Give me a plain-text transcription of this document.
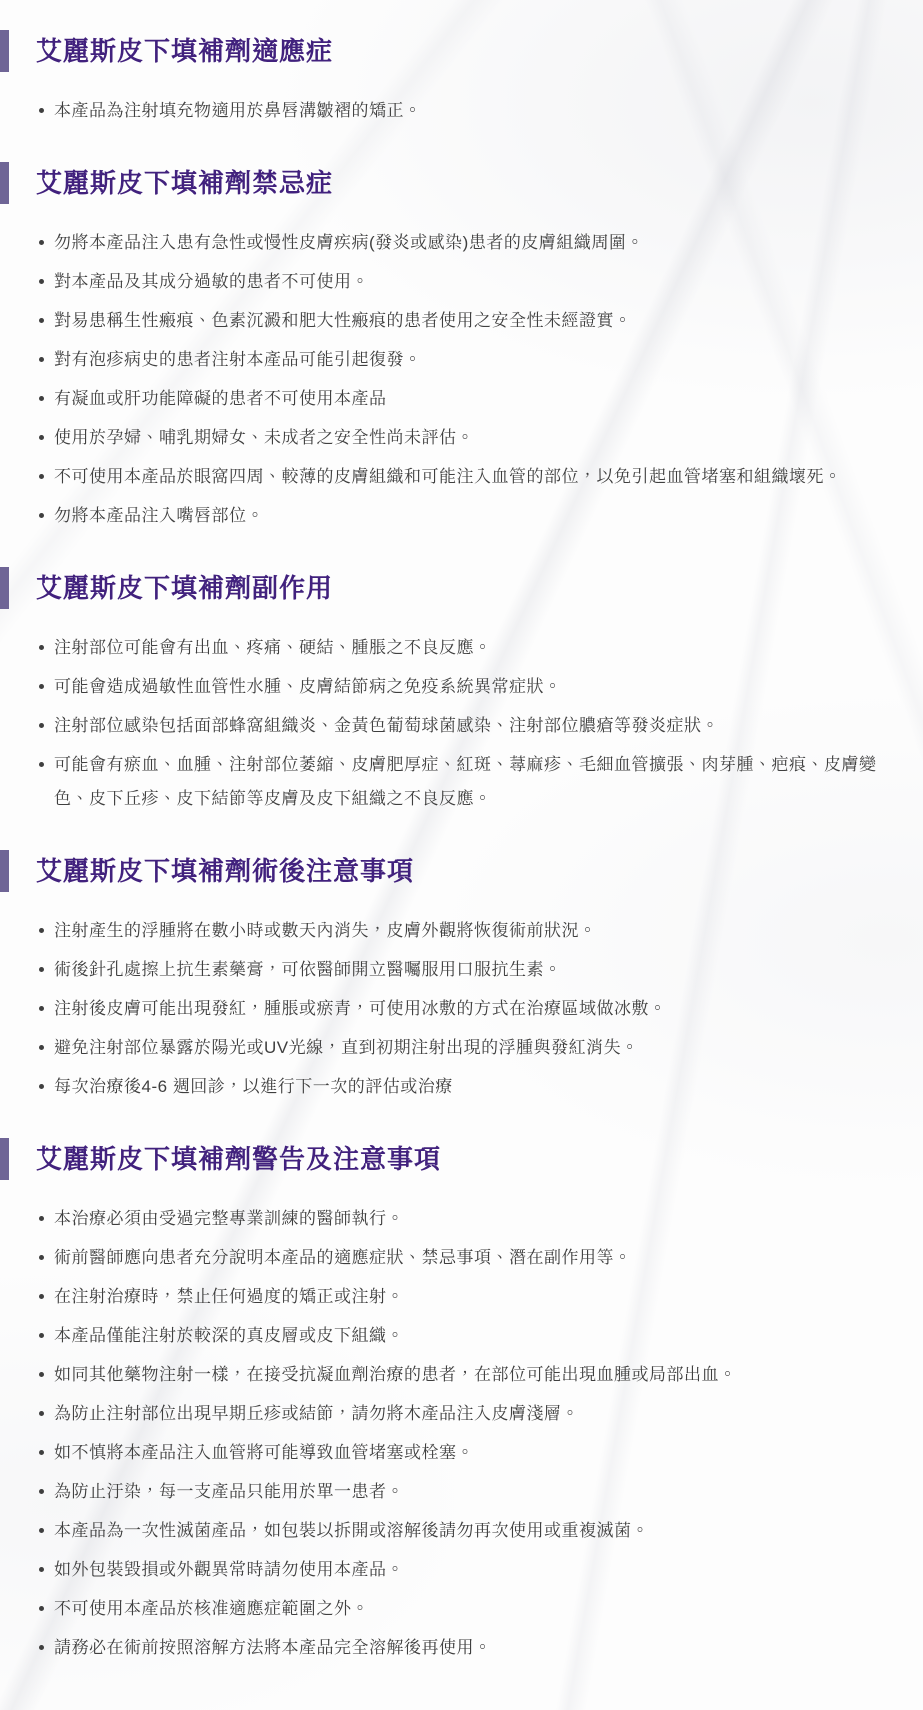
艾麗斯皮下填補劑適應症
本產品為注射填充物適用於鼻唇溝皺褶的矯正。
艾麗斯皮下填補劑禁忌症
勿將本產品注入患有急性或慢性皮膚疾病(發炎或感染)患者的皮膚組織周圍。
對本產品及其成分過敏的患者不可使用。
對易患稱生性瘢痕、色素沉澱和肥大性瘢痕的患者使用之安全性未經證實。
對有泡疹病史的患者注射本產品可能引起復發。
有凝血或肝功能障礙的患者不可使用本產品
使用於孕婦、哺乳期婦女、未成者之安全性尚未評估。
不可使用本產品於眼窩四周、較薄的皮膚組織和可能注入血管的部位，以免引起血管堵塞和組織壞死。
勿將本產品注入嘴唇部位。
艾麗斯皮下填補劑副作用
注射部位可能會有出血、疼痛、硬結、腫脹之不良反應。
可能會造成過敏性血管性水腫、皮膚結節病之免疫系統異常症狀。
注射部位感染包括面部蜂窩組織炎、金黃色葡萄球菌感染、注射部位膿瘡等發炎症狀。
可能會有瘀血、血腫、注射部位萎縮、皮膚肥厚症、紅斑、蕁麻疹、毛細血管擴張、肉芽腫、疤痕、皮膚變色、皮下丘疹、皮下結節等皮膚及皮下組織之不良反應。
艾麗斯皮下填補劑術後注意事項
注射產生的浮腫將在數小時或數天內消失，皮膚外觀將恢復術前狀況。
術後針孔處擦上抗生素藥膏，可依醫師開立醫囑服用口服抗生素。
注射後皮膚可能出現發紅，腫脹或瘀青，可使用冰敷的方式在治療區域做冰敷。
避免注射部位暴露於陽光或UV光線，直到初期注射出現的浮腫與發紅消失。
每次治療後4-6 週回診，以進行下一次的評估或治療
艾麗斯皮下填補劑警告及注意事項
本治療必須由受過完整專業訓練的醫師執行。
術前醫師應向患者充分說明本產品的適應症狀、禁忌事項、潛在副作用等。
在注射治療時，禁止任何過度的矯正或注射。
本產品僅能注射於較深的真皮層或皮下組織。
如同其他藥物注射一樣，在接受抗凝血劑治療的患者，在部位可能出現血腫或局部出血。
為防止注射部位出現早期丘疹或結節，請勿將木產品注入皮膚淺層。
如不慎將本產品注入血管將可能導致血管堵塞或栓塞。
為防止汙染，每一支產品只能用於單一患者。
本產品為一次性滅菌產品，如包裝以拆開或溶解後請勿再次使用或重複滅菌。
如外包裝毀損或外觀異常時請勿使用本產品。
不可使用本產品於核准適應症範圍之外。
請務必在術前按照溶解方法將本產品完全溶解後再使用。
